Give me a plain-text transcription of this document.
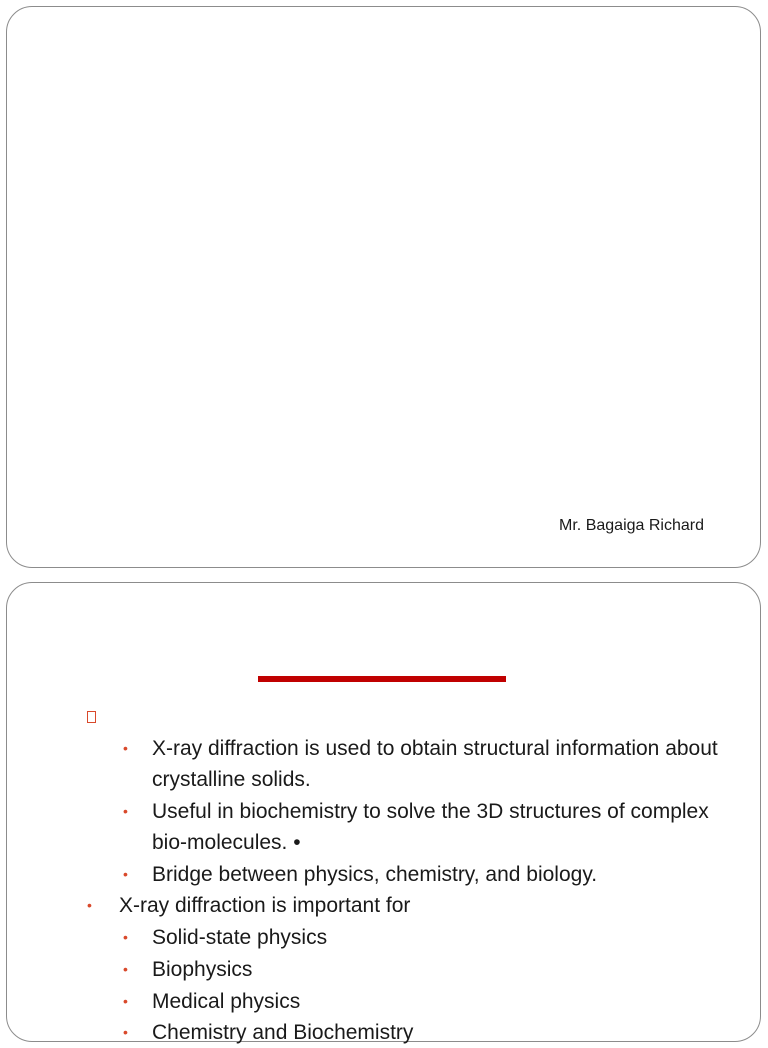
Mr. Bagaiga Richard
• X-ray diffraction is used to obtain structural information about crystalline solids.
• Useful in biochemistry to solve the 3D structures of complex bio-molecules. •
• Bridge between physics, chemistry, and biology.
• X-ray diffraction is important for
• Solid-state physics
• Biophysics
• Medical physics
• Chemistry and Biochemistry
